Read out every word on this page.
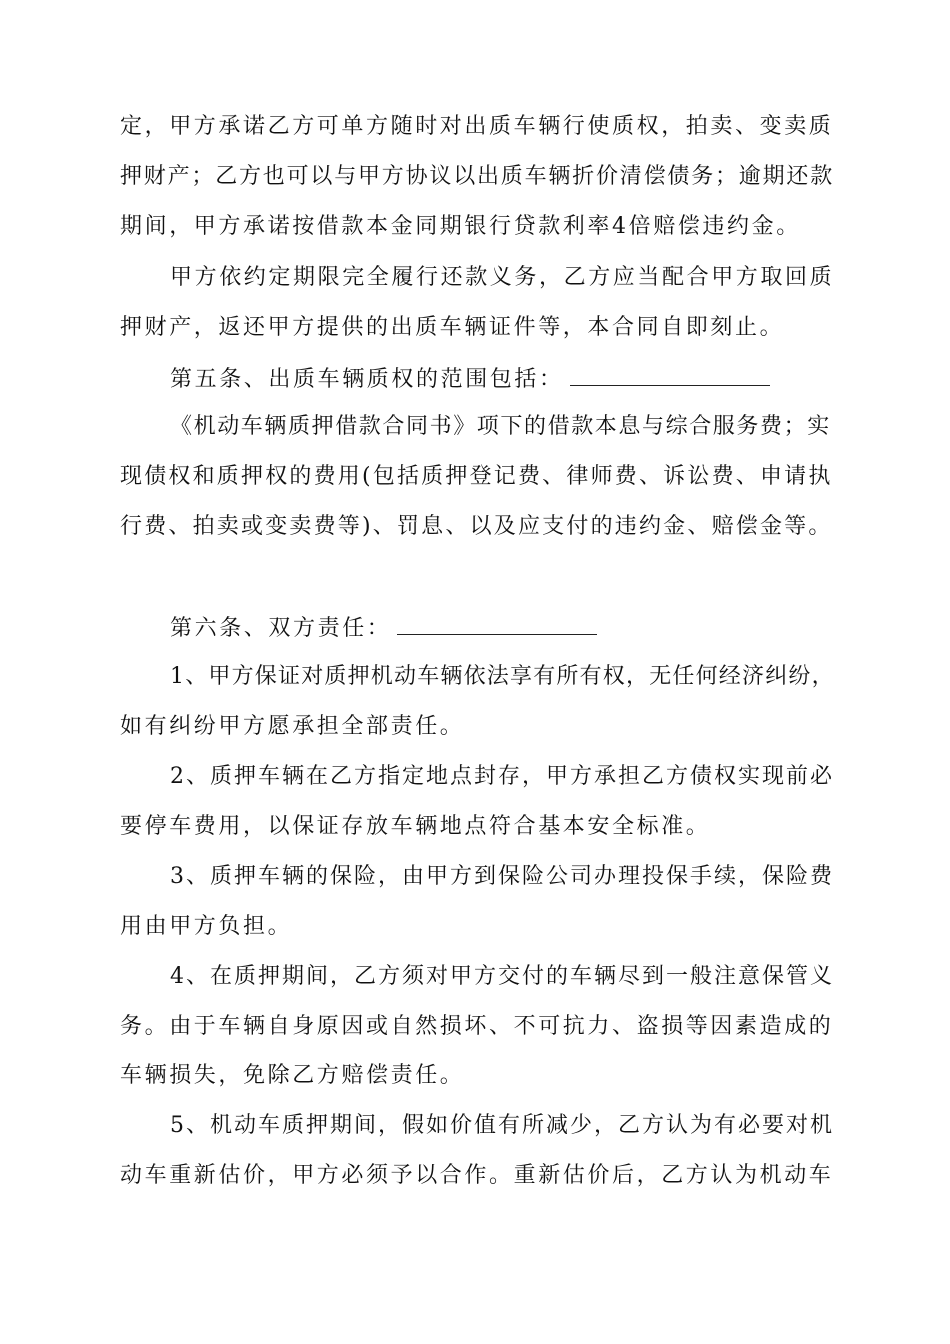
定，甲方承诺乙方可单方随时对出质车辆行使质权，拍卖、变卖质
押财产；乙方也可以与甲方协议以出质车辆折价清偿债务；逾期还款
期间，甲方承诺按借款本金同期银行贷款利率4倍赔偿违约金。
甲方依约定期限完全履行还款义务，乙方应当配合甲方取回质
押财产，返还甲方提供的出质车辆证件等，本合同自即刻止。
第五条、出质车辆质权的范围包括：
《机动车辆质押借款合同书》项下的借款本息与综合服务费；实
现债权和质押权的费用(包括质押登记费、律师费、诉讼费、申请执
行费、拍卖或变卖费等)、罚息、以及应支付的违约金、赔偿金等。
第六条、双方责任：
1、甲方保证对质押机动车辆依法享有所有权，无任何经济纠纷，
如有纠纷甲方愿承担全部责任。
2、质押车辆在乙方指定地点封存，甲方承担乙方债权实现前必
要停车费用，以保证存放车辆地点符合基本安全标准。
3、质押车辆的保险，由甲方到保险公司办理投保手续，保险费
用由甲方负担。
4、在质押期间，乙方须对甲方交付的车辆尽到一般注意保管义
务。由于车辆自身原因或自然损坏、不可抗力、盗损等因素造成的
车辆损失，免除乙方赔偿责任。
5、机动车质押期间，假如价值有所减少，乙方认为有必要对机
动车重新估价，甲方必须予以合作。重新估价后，乙方认为机动车
